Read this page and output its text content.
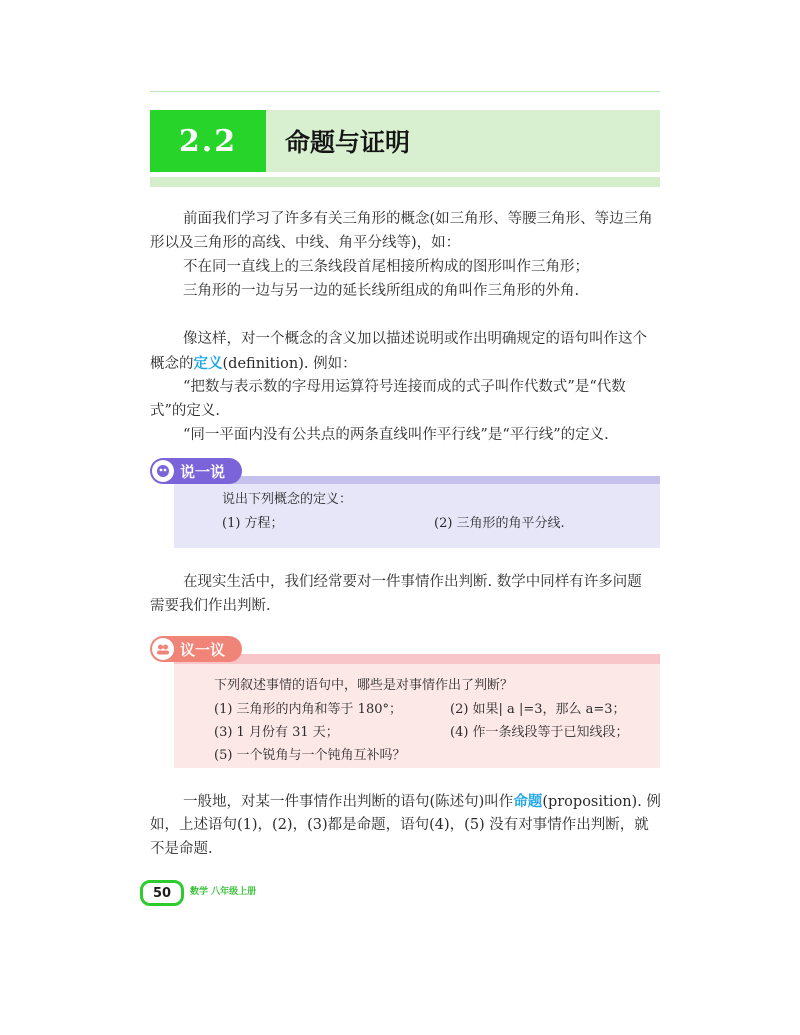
2.2	命题与证明
前面我们学习了许多有关三角形的概念(如三角形、等腰三角形、等边三角
形以及三角形的高线、中线、角平分线等)，如：
不在同一直线上的三条线段首尾相接所构成的图形叫作三角形；
三角形的一边与另一边的延长线所组成的角叫作三角形的外角.
像这样，对一个概念的含义加以描述说明或作出明确规定的语句叫作这个
概念的定义(definition). 例如：
“把数与表示数的字母用运算符号连接而成的式子叫作代数式”是“代数
式”的定义.
“同一平面内没有公共点的两条直线叫作平行线”是“平行线”的定义.
说一说
说出下列概念的定义：
(1) 方程；	(2) 三角形的角平分线.
在现实生活中，我们经常要对一件事情作出判断. 数学中同样有许多问题
需要我们作出判断.
议一议
下列叙述事情的语句中，哪些是对事情作出了判断？
(1) 三角形的内角和等于 180°；	(2) 如果| a |=3，那么 a=3；
(3) 1 月份有 31 天；	(4) 作一条线段等于已知线段；
(5) 一个锐角与一个钝角互补吗？
一般地，对某一件事情作出判断的语句(陈述句)叫作命题(proposition). 例
如，上述语句(1)，(2)，(3)都是命题，语句(4)，(5) 没有对事情作出判断，就
不是命题.
50	数学 八年级上册
